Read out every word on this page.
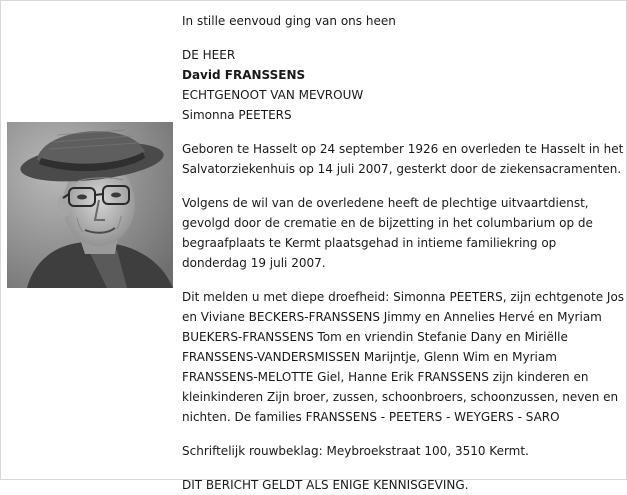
In stille eenvoud ging van ons heen
DE HEER
David FRANSSENS
ECHTGENOOT VAN MEVROUW
Simonna PEETERS
Geboren te Hasselt op 24 september 1926 en overleden te Hasselt in het
Salvatorziekenhuis op 14 juli 2007, gesterkt door de ziekensacramenten.
Volgens de wil van de overledene heeft de plechtige uitvaartdienst,
gevolgd door de crematie en de bijzetting in het columbarium op de
begraafplaats te Kermt plaatsgehad in intieme familiekring op
donderdag 19 juli 2007.
Dit melden u met diepe droefheid: Simonna PEETERS, zijn echtgenote Jos
en Viviane BECKERS-FRANSSENS Jimmy en Annelies Hervé en Myriam
BUEKERS-FRANSSENS Tom en vriendin Stefanie Dany en Miriëlle
FRANSSENS-VANDERSMISSEN Marijntje, Glenn Wim en Myriam
FRANSSENS-MELOTTE Giel, Hanne Erik FRANSSENS zijn kinderen en
kleinkinderen Zijn broer, zussen, schoonbroers, schoonzussen, neven en
nichten. De families FRANSSENS - PEETERS - WEYGERS - SARO
Schriftelijk rouwbeklag: Meybroekstraat 100, 3510 Kermt.
DIT BERICHT GELDT ALS ENIGE KENNISGEVING.
